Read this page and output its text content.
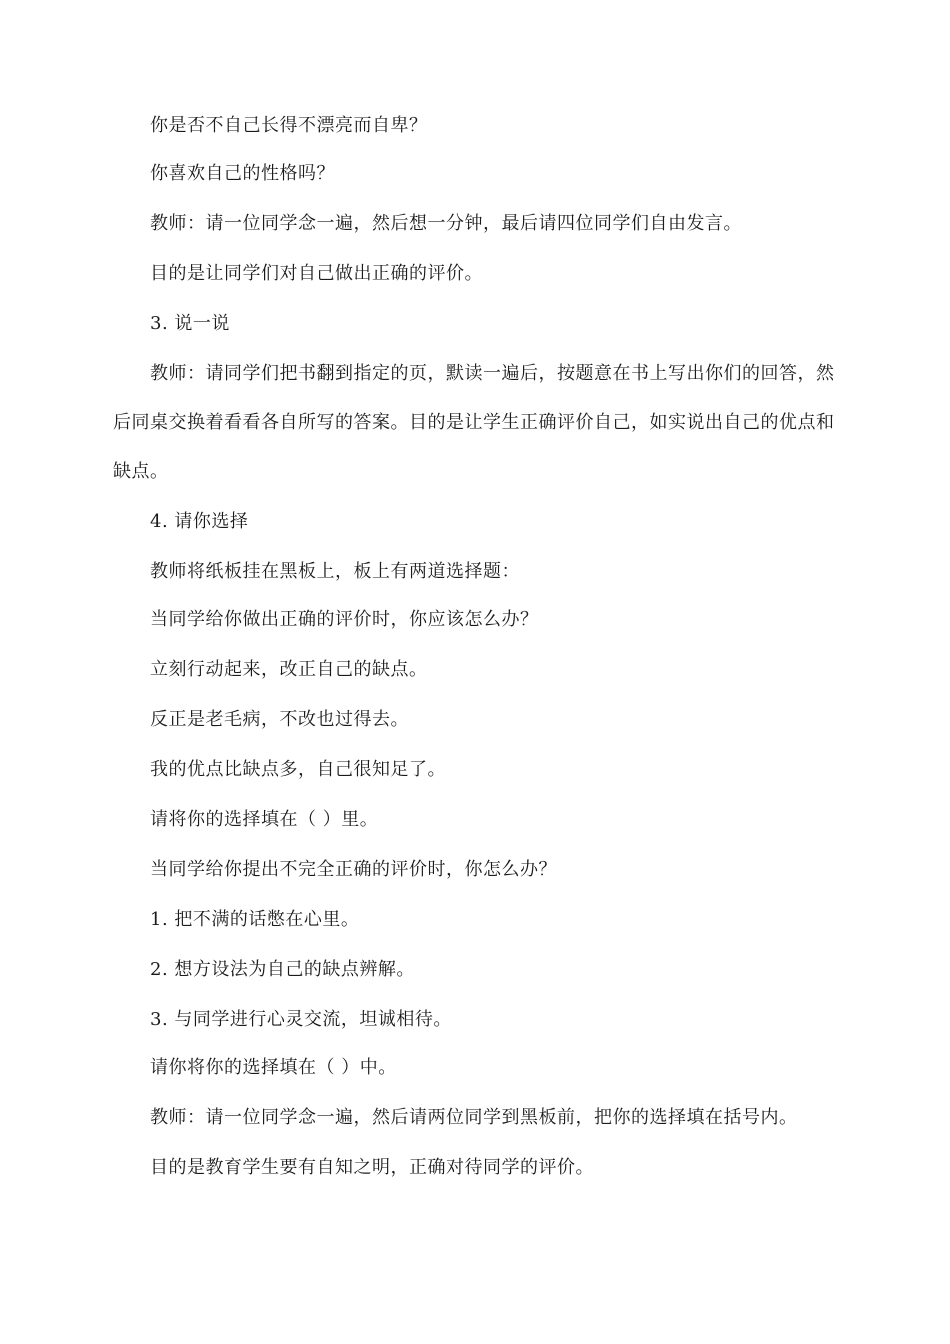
你是否不自己长得不漂亮而自卑？
你喜欢自己的性格吗？
教师：请一位同学念一遍，然后想一分钟，最后请四位同学们自由发言。
目的是让同学们对自己做出正确的评价。
3. 说一说
教师：请同学们把书翻到指定的页，默读一遍后，按题意在书上写出你们的回答，然后同桌交换着看看各自所写的答案。目的是让学生正确评价自己，如实说出自己的优点和缺点。
4. 请你选择
教师将纸板挂在黑板上，板上有两道选择题：
当同学给你做出正确的评价时，你应该怎么办？
立刻行动起来，改正自己的缺点。
反正是老毛病，不改也过得去。
我的优点比缺点多，自己很知足了。
请将你的选择填在（ ）里。
当同学给你提出不完全正确的评价时，你怎么办？
1. 把不满的话憋在心里。
2. 想方设法为自己的缺点辨解。
3. 与同学进行心灵交流，坦诚相待。
请你将你的选择填在（ ）中。
教师：请一位同学念一遍，然后请两位同学到黑板前，把你的选择填在括号内。
目的是教育学生要有自知之明，正确对待同学的评价。
